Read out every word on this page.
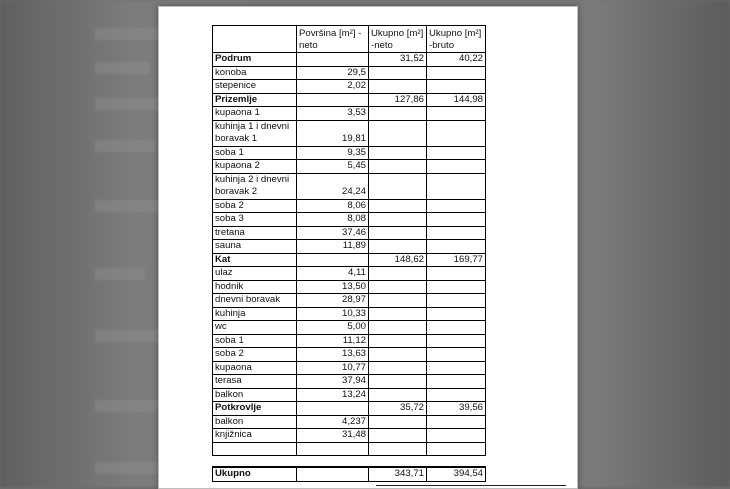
	Površina [m²] -neto	Ukupno [m²] -neto	Ukupno [m²] -bruto
Podrum		31,52	40,22
konoba	29,5		
stepenice	2,02		
Prizemlje		127,86	144,98
kupaona 1	3,53		
kuhinja 1 i dnevni boravak 1	19,81		
soba 1	9,35		
kupaona 2	5,45		
kuhinja 2 i dnevni boravak 2	24,24		
soba 2	8,06		
soba 3	8,08		
tretana	37,46		
sauna	11,89		
Kat		148,62	169,77
ulaz	4,11		
hodnik	13,50		
dnevni boravak	28,97		
kuhinja	10,33		
wc	5,00		
soba 1	11,12		
soba 2	13,63		
kupaona	10,77		
terasa	37,94		
balkon	13,24		
Potkrovlje		35,72	39,56
balkon	4,237		
knjižnica	31,48		

Ukupno		343,71	394,54
